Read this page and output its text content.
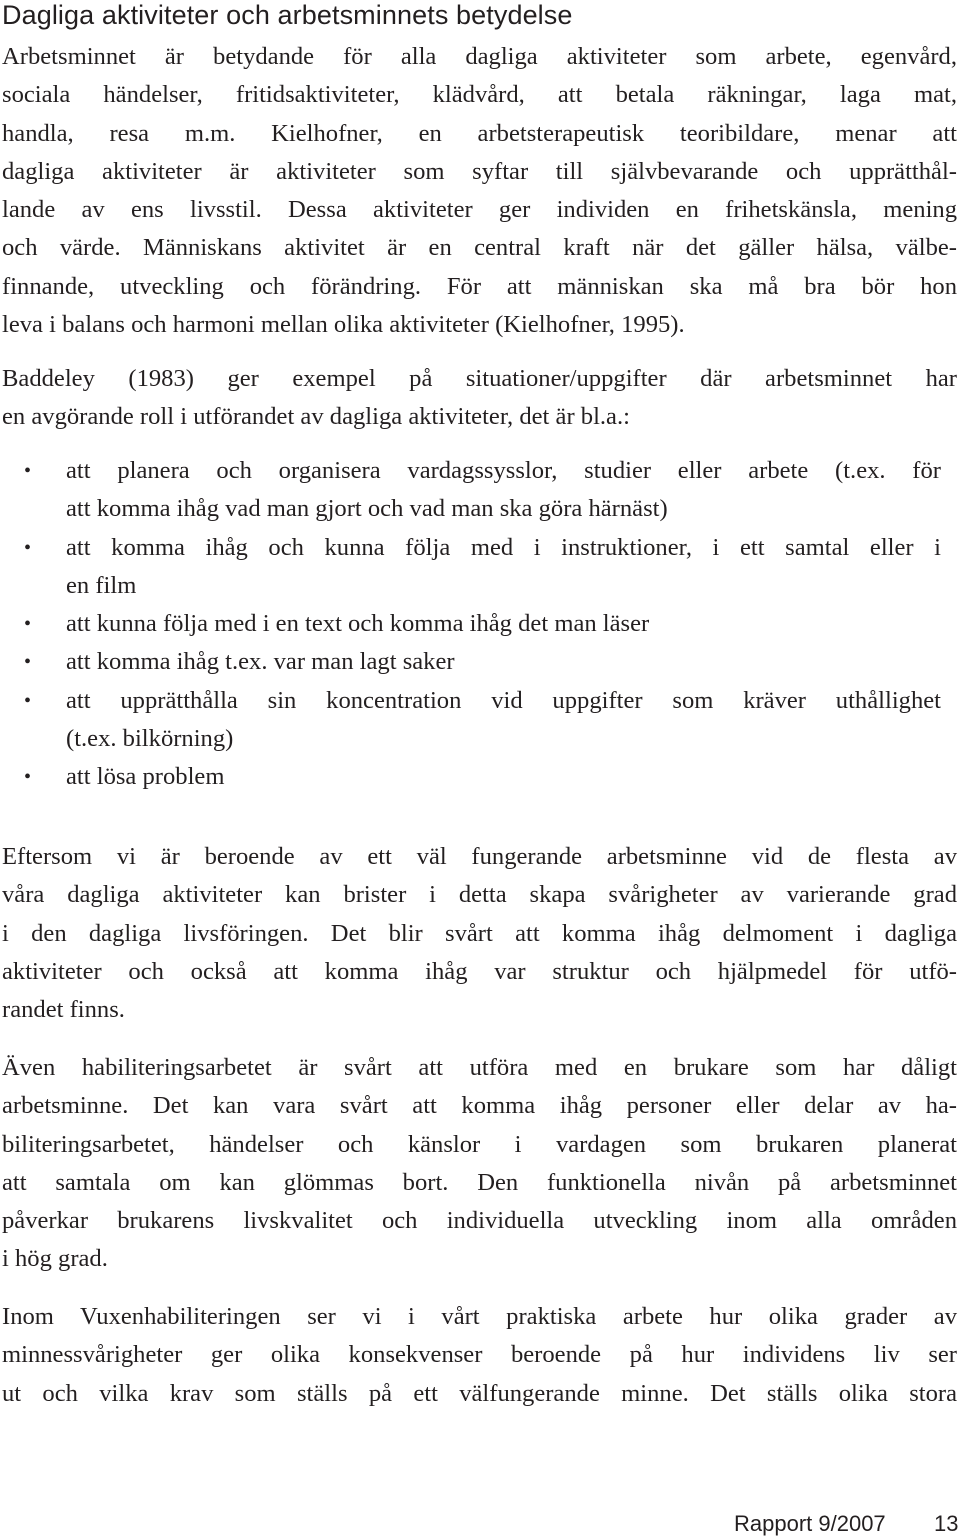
Dagliga aktiviteter och arbetsminnets betydelse

Arbetsminnet är betydande för alla dagliga aktiviteter som arbete, egenvård,
sociala händelser, fritidsaktiviteter, klädvård, att betala räkningar, laga mat,
handla, resa m.m. Kielhofner, en arbetsterapeutisk teoribildare, menar att
dagliga aktiviteter är aktiviteter som syftar till självbevarande och upprätthål-
lande av ens livsstil. Dessa aktiviteter ger individen en frihetskänsla, mening
och värde. Människans aktivitet är en central kraft när det gäller hälsa, välbe-
finnande, utveckling och förändring. För att människan ska må bra bör hon
leva i balans och harmoni mellan olika aktiviteter (Kielhofner, 1995).

Baddeley (1983) ger exempel på situationer/uppgifter där arbetsminnet har
en avgörande roll i utförandet av dagliga aktiviteter, det är bl.a.:

• att planera och organisera vardagssysslor, studier eller arbete (t.ex. för
att komma ihåg vad man gjort och vad man ska göra härnäst)
• att komma ihåg och kunna följa med i instruktioner, i ett samtal eller i
en film
• att kunna följa med i en text och komma ihåg det man läser
• att komma ihåg t.ex. var man lagt saker
• att upprätthålla sin koncentration vid uppgifter som kräver uthållighet
(t.ex. bilkörning)
• att lösa problem

Eftersom vi är beroende av ett väl fungerande arbetsminne vid de flesta av
våra dagliga aktiviteter kan brister i detta skapa svårigheter av varierande grad
i den dagliga livsföringen. Det blir svårt att komma ihåg delmoment i dagliga
aktiviteter och också att komma ihåg var struktur och hjälpmedel för utfö-
randet finns.

Även habiliteringsarbetet är svårt att utföra med en brukare som har dåligt
arbetsminne. Det kan vara svårt att komma ihåg personer eller delar av ha-
biliteringsarbetet, händelser och känslor i vardagen som brukaren planerat
att samtala om kan glömmas bort. Den funktionella nivån på arbetsminnet
påverkar brukarens livskvalitet och individuella utveckling inom alla områden
i hög grad.

Inom Vuxenhabiliteringen ser vi i vårt praktiska arbete hur olika grader av
minnessvårigheter ger olika konsekvenser beroende på hur individens liv ser
ut och vilka krav som ställs på ett välfungerande minne. Det ställs olika stora

Rapport 9/2007 13
